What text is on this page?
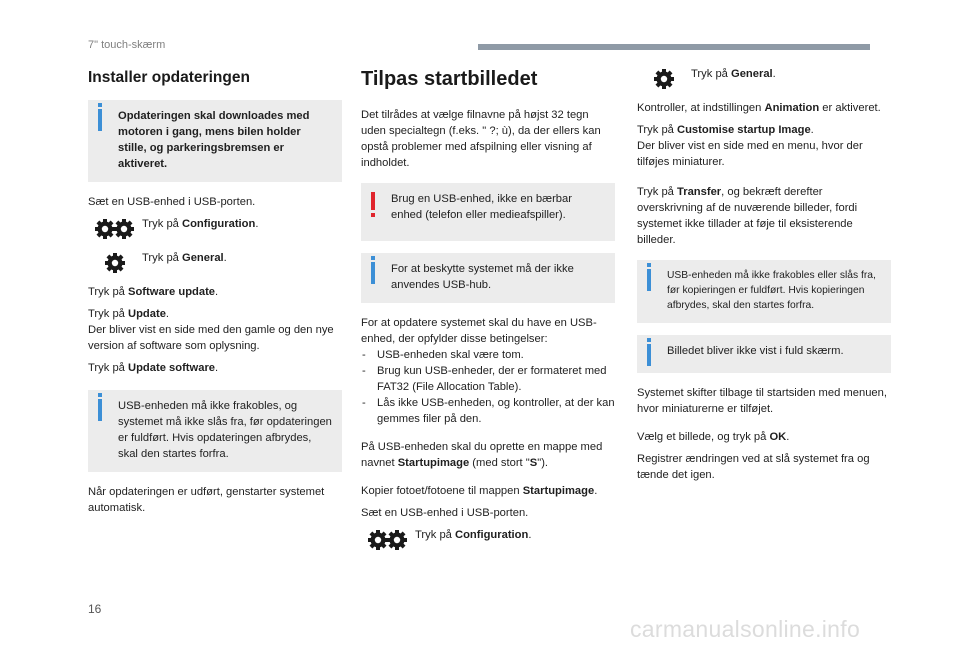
7" touch-skærm
Installer opdateringen
Opdateringen skal downloades med motoren i gang, mens bilen holder stille, og parkeringsbremsen er aktiveret.

Sæt en USB-enhed i USB-porten.

Tryk på Configuration.
Tryk på General.

Tryk på Software update.

Tryk på Update.
Der bliver vist en side med den gamle og den nye version af software som oplysning.

Tryk på Update software.

USB-enheden må ikke frakobles, og systemet må ikke slås fra, før opdateringen er fuldført. Hvis opdateringen afbrydes, skal den startes forfra.

Når opdateringen er udført, genstarter systemet automatisk.

Tilpas startbilledet

Det tilrådes at vælge filnavne på højst 32 tegn uden specialtegn (f.eks. " ?; ù), da der ellers kan opstå problemer med afspilning eller visning af indholdet.

Brug en USB-enhed, ikke en bærbar enhed (telefon eller medieafspiller).
For at beskytte systemet må der ikke anvendes USB-hub.

For at opdatere systemet skal du have en USB-enhed, der opfylder disse betingelser:

- USB-enheden skal være tom.
- Brug kun USB-enheder, der er formateret med FAT32 (File Allocation Table).
- Lås ikke USB-enheden, og kontroller, at der kan gemmes filer på den.

På USB-enheden skal du oprette en mappe med navnet Startupimage (med stort "S").

Kopier fotoet/fotoene til mappen Startupimage.

Sæt en USB-enhed i USB-porten.

Tryk på Configuration.
Tryk på General.

Kontroller, at indstillingen Animation er aktiveret.

Tryk på Customise startup Image.
Der bliver vist en side med en menu, hvor der tilføjes miniaturer.

Tryk på Transfer, og bekræft derefter overskrivning af de nuværende billeder, fordi systemet ikke tillader at føje til eksisterende billeder.

USB-enheden må ikke frakobles eller slås fra, før kopieringen er fuldført. Hvis kopieringen afbrydes, skal den startes forfra.
Billedet bliver ikke vist i fuld skærm.

Systemet skifter tilbage til startsiden med menuen, hvor miniaturerne er tilføjet.

Vælg et billede, og tryk på OK.

Registrer ændringen ved at slå systemet fra og tænde det igen.

16
carmanualsonline.info
